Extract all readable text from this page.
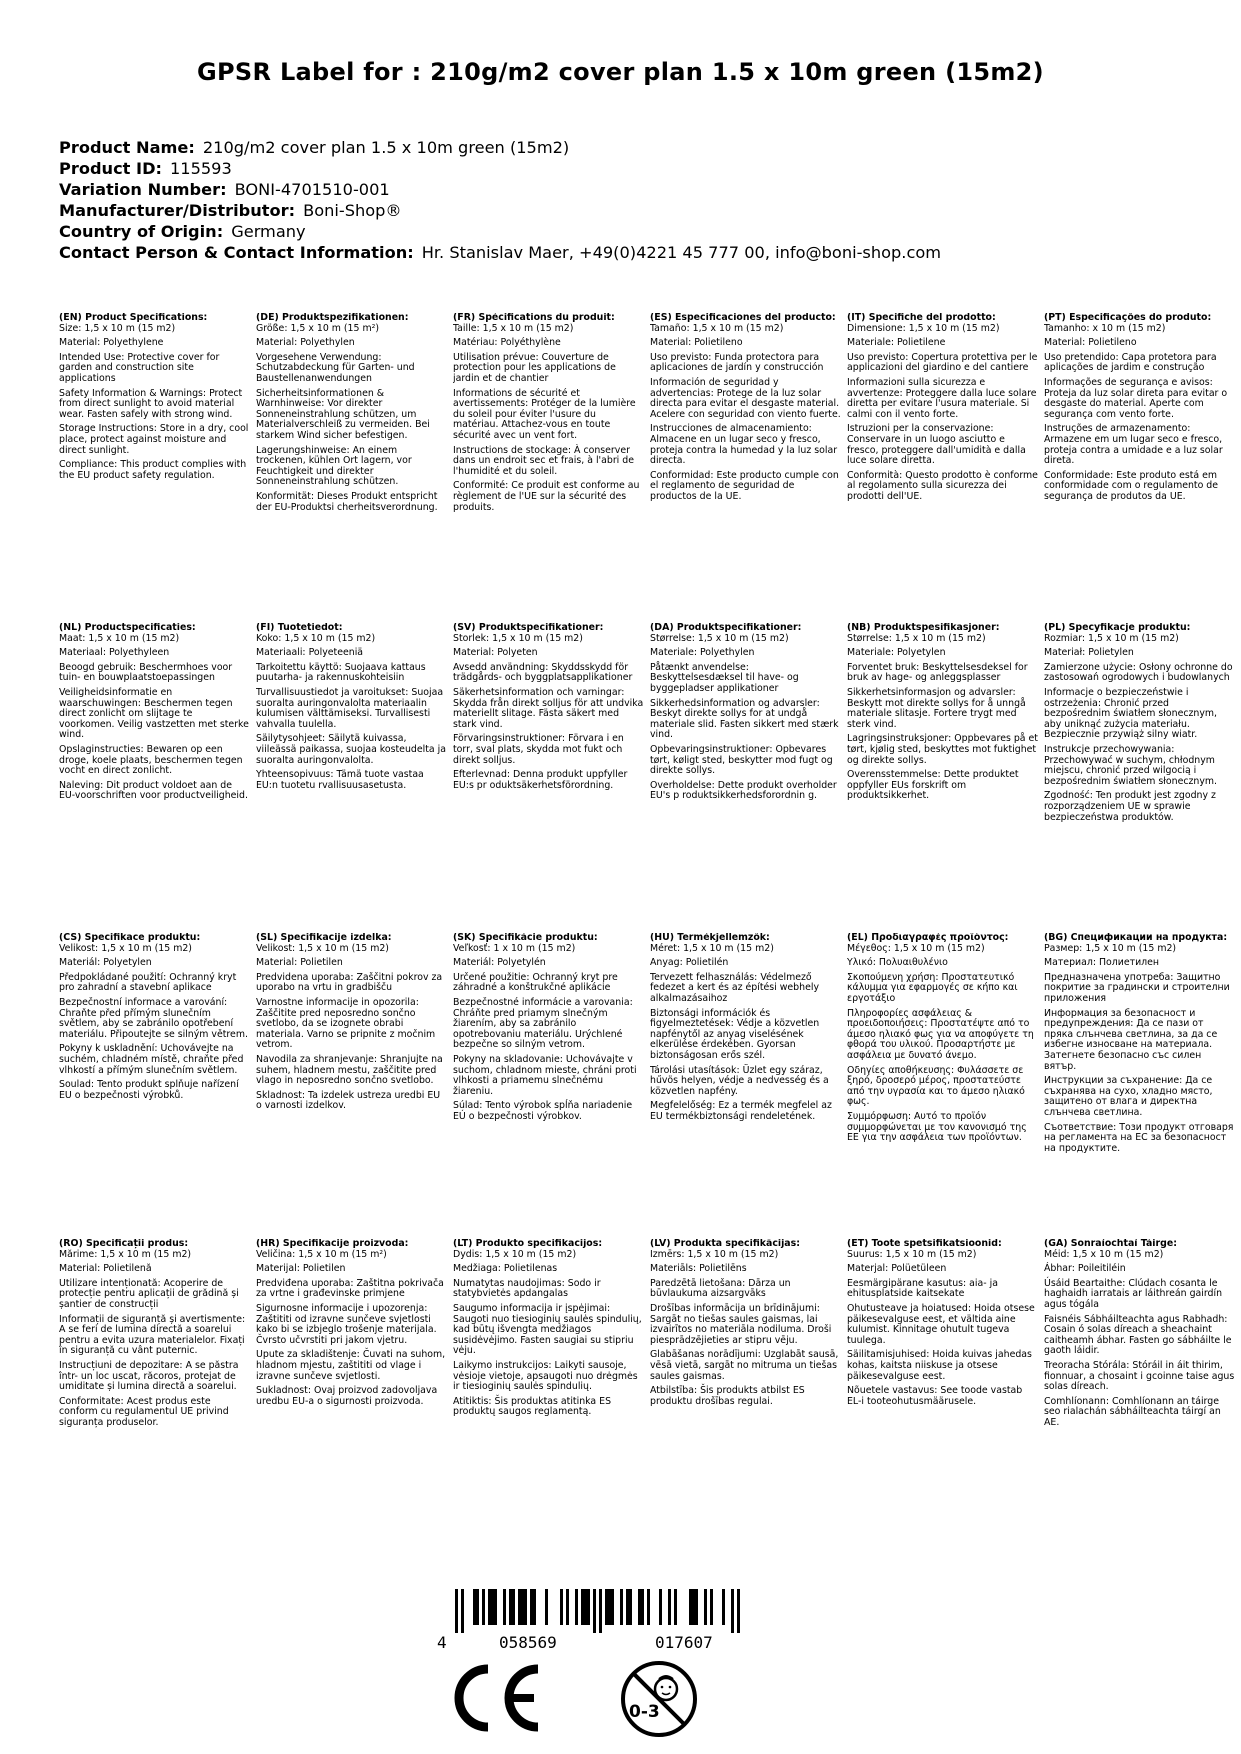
GPSR Label for : 210g/m2 cover plan 1.5 x 10m green (15m2)
Product Name: 210g/m2 cover plan 1.5 x 10m green (15m2)
Product ID: 115593
Variation Number: BONI-4701510-001
Manufacturer/Distributor: Boni-Shop®
Country of Origin: Germany
Contact Person & Contact Information: Hr. Stanislav Maer, +49(0)4221 45 777 00, info@boni-shop.com
(EN) Product Specifications:
Size: 1,5 x 10 m (15 m2)
Material: Polyethylene
Intended Use: Protective cover for garden and construction site applications
Safety Information & Warnings: Protect from direct sunlight to avoid material wear. Fasten safely with strong wind.
Storage Instructions: Store in a dry, cool place, protect against moisture and direct sunlight.
Compliance: This product complies with the EU product safety regulation.
(DE) Produktspezifikationen:
Größe: 1,5 x 10 m (15 m²)
Material: Polyethylen
Vorgesehene Verwendung: Schutzabdeckung für Garten- und Baustellenanwendungen
Sicherheitsinformationen & Warnhinweise: Vor direkter Sonneneinstrahlung schützen, um Materialverschleiß zu vermeiden. Bei starkem Wind sicher befestigen.
Lagerungshinweise: An einem trockenen, kühlen Ort lagern, vor Feuchtigkeit und direkter Sonneneinstrahlung schützen.
Konformität: Dieses Produkt entspricht der EU-Produktsi cherheitsverordnung.
(FR) Spécifications du produit:
Taille: 1,5 x 10 m (15 m2)
Matériau: Polyéthylène
Utilisation prévue: Couverture de protection pour les applications de jardin et de chantier
Informations de sécurité et avertissements: Protéger de la lumière du soleil pour éviter l'usure du matériau. Attachez-vous en toute sécurité avec un vent fort.
Instructions de stockage: À conserver dans un endroit sec et frais, à l'abri de l'humidité et du soleil.
Conformité: Ce produit est conforme au règlement de l'UE sur la sécurité des produits.
(ES) Especificaciones del producto:
Tamaño: 1,5 x 10 m (15 m2)
Material: Polietileno
Uso previsto: Funda protectora para aplicaciones de jardín y construcción
Información de seguridad y advertencias: Protege de la luz solar directa para evitar el desgaste material. Acelere con seguridad con viento fuerte.
Instrucciones de almacenamiento: Almacene en un lugar seco y fresco, proteja contra la humedad y la luz solar directa.
Conformidad: Este producto cumple con el reglamento de seguridad de productos de la UE.
(IT) Specifiche del prodotto:
Dimensione: 1,5 x 10 m (15 m2)
Materiale: Polietilene
Uso previsto: Copertura protettiva per le applicazioni del giardino e del cantiere
Informazioni sulla sicurezza e avvertenze: Proteggere dalla luce solare diretta per evitare l'usura materiale. Si calmi con il vento forte.
Istruzioni per la conservazione: Conservare in un luogo asciutto e fresco, proteggere dall'umidità e dalla luce solare diretta.
Conformità: Questo prodotto è conforme al regolamento sulla sicurezza dei prodotti dell'UE.
(PT) Especificações do produto:
Tamanho: x 10 m (15 m2)
Material: Polietileno
Uso pretendido: Capa protetora para aplicações de jardim e construção
Informações de segurança e avisos: Proteja da luz solar direta para evitar o desgaste do material. Aperte com segurança com vento forte.
Instruções de armazenamento: Armazene em um lugar seco e fresco, proteja contra a umidade e a luz solar direta.
Conformidade: Este produto está em conformidade com o regulamento de segurança de produtos da UE.
(NL) Productspecificaties:
Maat: 1,5 x 10 m (15 m2)
Materiaal: Polyethyleen
Beoogd gebruik: Beschermhoes voor tuin- en bouwplaatstoepassingen
Veiligheidsinformatie en waarschuwingen: Beschermen tegen direct zonlicht om slijtage te voorkomen. Veilig vastzetten met sterke wind.
Opslaginstructies: Bewaren op een droge, koele plaats, beschermen tegen vocht en direct zonlicht.
Naleving: Dit product voldoet aan de EU-voorschriften voor productveiligheid.
(FI) Tuotetiedot:
Koko: 1,5 x 10 m (15 m2)
Materiaali: Polyeteeniä
Tarkoitettu käyttö: Suojaava kattaus puutarha- ja rakennuskohteisiin
Turvallisuustiedot ja varoitukset: Suojaa suoralta auringonvalolta materiaalin kulumisen välttämiseksi. Turvallisesti vahvalla tuulella.
Säilytysohjeet: Säilytä kuivassa, viileässä paikassa, suojaa kosteudelta ja suoralta auringonvalolta.
Yhteensopivuus: Tämä tuote vastaa EU:n tuotetu rvallisuusasetusta.
(SV) Produktspecifikationer:
Storlek: 1,5 x 10 m (15 m2)
Material: Polyeten
Avsedd användning: Skyddsskydd för trädgårds- och byggplatsapplikationer
Säkerhetsinformation och varningar: Skydda från direkt solljus för att undvika materiellt slitage. Fästa säkert med stark vind.
Förvaringsinstruktioner: Förvara i en torr, sval plats, skydda mot fukt och direkt solljus.
Efterlevnad: Denna produkt uppfyller EU:s pr oduktsäkerhetsförordning.
(DA) Produktspecifikationer:
Størrelse: 1,5 x 10 m (15 m2)
Materiale: Polyethylen
Påtænkt anvendelse: Beskyttelsesdæksel til have- og byggepladser applikationer
Sikkerhedsinformation og advarsler: Beskyt direkte sollys for at undgå materiale slid. Fasten sikkert med stærk vind.
Opbevaringsinstruktioner: Opbevares tørt, køligt sted, beskytter mod fugt og direkte sollys.
Overholdelse: Dette produkt overholder EU's p roduktsikkerhedsforordnin g.
(NB) Produktspesifikasjoner:
Størrelse: 1,5 x 10 m (15 m2)
Materiale: Polyetylen
Forventet bruk: Beskyttelsesdeksel for bruk av hage- og anleggsplasser
Sikkerhetsinformasjon og advarsler: Beskytt mot direkte sollys for å unngå materiale slitasje. Fortere trygt med sterk vind.
Lagringsinstruksjoner: Oppbevares på et tørt, kjølig sted, beskyttes mot fuktighet og direkte sollys.
Overensstemmelse: Dette produktet oppfyller EUs forskrift om produktsikkerhet.
(PL) Specyfikacje produktu:
Rozmiar: 1,5 x 10 m (15 m2)
Materiał: Polietylen
Zamierzone użycie: Osłony ochronne do zastosowań ogrodowych i budowlanych
Informacje o bezpieczeństwie i ostrzeżenia: Chronić przed bezpośrednim światłem słonecznym, aby uniknąć zużycia materiału. Bezpiecznie przywiąż silny wiatr.
Instrukcje przechowywania: Przechowywać w suchym, chłodnym miejscu, chronić przed wilgocią i bezpośrednim światłem słonecznym.
Zgodność: Ten produkt jest zgodny z rozporządzeniem UE w sprawie bezpieczeństwa produktów.
(CS) Specifikace produktu:
Velikost: 1,5 x 10 m (15 m2)
Materiál: Polyetylen
Předpokládané použití: Ochranný kryt pro zahradní a stavební aplikace
Bezpečnostní informace a varování: Chraňte před přímým slunečním světlem, aby se zabránilo opotřebení materiálu. Připoutejte se silným větrem.
Pokyny k uskladnění: Uchovávejte na suchém, chladném místě, chraňte před vlhkostí a přímým slunečním světlem.
Soulad: Tento produkt splňuje nařízení EU o bezpečnosti výrobků.
(SL) Specifikacije izdelka:
Velikost: 1,5 x 10 m (15 m2)
Material: Polietilen
Predvidena uporaba: Zaščitni pokrov za uporabo na vrtu in gradbišču
Varnostne informacije in opozorila: Zaščitite pred neposredno sončno svetlobo, da se izognete obrabi materiala. Varno se pripnite z močnim vetrom.
Navodila za shranjevanje: Shranjujte na suhem, hladnem mestu, zaščitite pred vlago in neposredno sončno svetlobo.
Skladnost: Ta izdelek ustreza uredbi EU o varnosti izdelkov.
(SK) Špecifikácie produktu:
Veľkosť: 1 x 10 m (15 m2)
Materiál: Polyetylén
Určené použitie: Ochranný kryt pre záhradné a konštrukčné aplikácie
Bezpečnostné informácie a varovania: Chráňte pred priamym slnečným žiarením, aby sa zabránilo opotrebovaniu materiálu. Urýchlené bezpečne so silným vetrom.
Pokyny na skladovanie: Uchovávajte v suchom, chladnom mieste, chráni proti vlhkosti a priamemu slnečnému žiareniu.
Súlad: Tento výrobok spĺňa nariadenie EÚ o bezpečnosti výrobkov.
(HU) Termékjellemzők:
Méret: 1,5 x 10 m (15 m2)
Anyag: Polietilén
Tervezett felhasználás: Védelmező fedezet a kert és az építési webhely alkalmazásaihoz
Biztonsági információk és figyelmeztetések: Védje a közvetlen napfénytől az anyag viselésének elkerülése érdekében. Gyorsan biztonságosan erős szél.
Tárolási utasítások: Üzlet egy száraz, hűvös helyen, védje a nedvesség és a közvetlen napfény.
Megfelelőség: Ez a termék megfelel az EU termékbiztonsági rendeletének.
(EL) Προδιαγραφές προϊόντος:
Μέγεθος: 1,5 x 10 m (15 m2)
Υλικό: Πολυαιθυλένιο
Σκοπούμενη χρήση: Προστατευτικό κάλυμμα για εφαρμογές σε κήπο και εργοτάξιο
Πληροφορίες ασφάλειας & προειδοποιήσεις: Προστατέψτε από το άμεσο ηλιακό φως για να αποφύγετε τη φθορά του υλικού. Προσαρτήστε με ασφάλεια με δυνατό άνεμο.
Οδηγίες αποθήκευσης: Φυλάσσετε σε ξηρό, δροσερό μέρος, προστατεύστε από την υγρασία και το άμεσο ηλιακό φως.
Συμμόρφωση: Αυτό το προϊόν συμμορφώνεται με τον κανονισμό της ΕΕ για την ασφάλεια των προϊόντων.
(BG) Спецификации на продукта:
Размер: 1,5 x 10 m (15 m2)
Материал: Полиетилен
Предназначена употреба: Защитно покритие за градински и строителни приложения
Информация за безопасност и предупреждения: Да се пази от пряка слънчева светлина, за да се избегне износване на материала. Затегнете безопасно със силен вятър.
Инструкции за съхранение: Да се съхранява на сухо, хладно място, защитено от влага и директна слънчева светлина.
Съответствие: Този продукт отговаря на регламента на ЕС за безопасност на продуктите.
(RO) Specificații produs:
Mărime: 1,5 x 10 m (15 m2)
Material: Polietilenă
Utilizare intenționată: Acoperire de protecție pentru aplicații de grădină și șantier de construcții
Informații de siguranță și avertismente: A se feri de lumina directă a soarelui pentru a evita uzura materialelor. Fixați în siguranță cu vânt puternic.
Instrucțiuni de depozitare: A se păstra într- un loc uscat, răcoros, protejat de umiditate și lumina directă a soarelui.
Conformitate: Acest produs este conform cu regulamentul UE privind siguranța produselor.
(HR) Specifikacije proizvoda:
Veličina: 1,5 x 10 m (15 m²)
Materijal: Polietilen
Predviđena uporaba: Zaštitna pokrivača za vrtne i građevinske primjene
Sigurnosne informacije i upozorenja: Zaštititi od izravne sunčeve svjetlosti kako bi se izbjeglo trošenje materijala. Čvrsto učvrstiti pri jakom vjetru.
Upute za skladištenje: Čuvati na suhom, hladnom mjestu, zaštititi od vlage i izravne sunčeve svjetlosti.
Sukladnost: Ovaj proizvod zadovoljava uredbu EU-a o sigurnosti proizvoda.
(LT) Produkto specifikacijos:
Dydis: 1,5 x 10 m (15 m2)
Medžiaga: Polietilenas
Numatytas naudojimas: Sodo ir statybvietės apdangalas
Saugumo informacija ir įspėjimai: Saugoti nuo tiesioginių saulės spindulių, kad būtų išvengta medžiagos susidėvėjimo. Fasten saugiai su stipriu vėju.
Laikymo instrukcijos: Laikyti sausoje, vėsioje vietoje, apsaugoti nuo drėgmės ir tiesioginių saulės spindulių.
Atitiktis: Šis produktas atitinka ES produktų saugos reglamentą.
(LV) Produkta specifikācijas:
Izmērs: 1,5 x 10 m (15 m2)
Materiāls: Polietilēns
Paredzētā lietošana: Dārza un būvlaukuma aizsargvāks
Drošības informācija un brīdinājumi: Sargāt no tiešas saules gaismas, lai izvairītos no materiāla nodiluma. Droši piesprādzējieties ar stipru vēju.
Glabāšanas norādījumi: Uzglabāt sausā, vēsā vietā, sargāt no mitruma un tiešas saules gaismas.
Atbilstība: Šis produkts atbilst ES produktu drošības regulai.
(ET) Toote spetsifikatsioonid:
Suurus: 1,5 x 10 m (15 m2)
Materjal: Polüetüleen
Eesmärgipärane kasutus: aia- ja ehitusplatside kaitsekate
Ohutusteave ja hoiatused: Hoida otsese päikesevalguse eest, et vältida aine kulumist. Kinnitage ohutult tugeva tuulega.
Säilitamisjuhised: Hoida kuivas jahedas kohas, kaitsta niiskuse ja otsese päikesevalguse eest.
Nõuetele vastavus: See toode vastab EL-i tooteohutusmäärusele.
(GA) Sonraíochtaí Táirge:
Méid: 1,5 x 10 m (15 m2)
Ábhar: Poileitiléin
Úsáid Beartaithe: Clúdach cosanta le haghaidh iarratais ar láithreán gairdín agus tógála
Faisnéis Sábháilteachta agus Rabhadh: Cosain ó solas díreach a sheachaint caitheamh ábhar. Fasten go sábháilte le gaoth láidir.
Treoracha Stórála: Stóráil in áit thirim, fionnuar, a chosaint i gcoinne taise agus solas díreach.
Comhlíonann: Comhlíonann an táirge seo rialachán sábháilteachta táirgí an AE.
4	058569	017607
0-3
